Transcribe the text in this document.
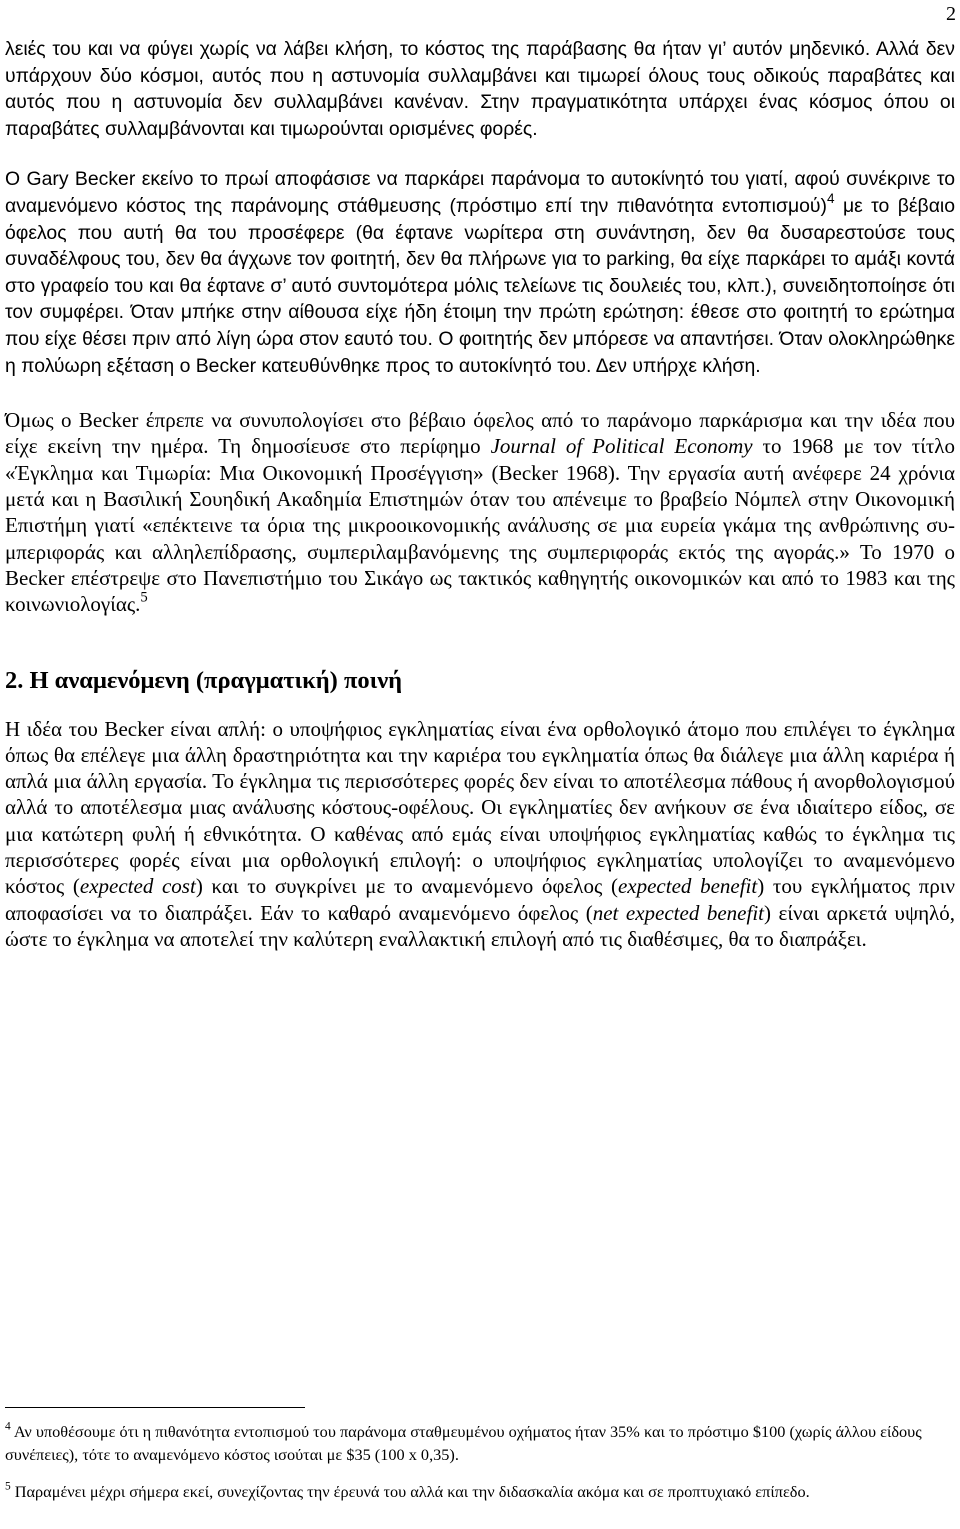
2

λειές του και να φύγει χωρίς να λάβει κλήση, το κόστος της παράβασης θα ήταν γι’ αυτόν μηδενικό. Αλλά δεν υπάρχουν δύο κόσμοι, αυτός που η αστυνομία συλλαμβάνει και τιμωρεί όλους τους οδικούς παραβάτες και αυτός που η αστυνομία δεν συλλαμβάνει κανέναν. Στην πραγματικότητα υπάρχει ένας κόσμος όπου οι παραβάτες συλλαμβάνονται και τιμωρούνται ορισμένες φορές.

Ο Gary Becker εκείνο το πρωί αποφάσισε να παρκάρει παράνομα το αυτοκίνητό του γιατί, αφού συνέκρινε το αναμενόμενο κόστος της παράνομης στάθμευσης (πρόστιμο επί την πιθανότητα εντοπισμού)$^4$ με το βέβαιο όφελος που αυτή θα του προσέφερε (θα έφτανε νωρίτερα στη συνάντηση, δεν θα δυσαρεστούσε τους συναδέλφους του, δεν θα άγχωνε τον φοιτητή, δεν θα πλήρωνε για το parking, θα είχε παρκάρει το αμάξι κοντά στο γραφείο του και θα έφτανε σ’ αυτό συντομότερα μόλις τελείωνε τις δουλειές του, κλπ.), συνειδητοποίησε ότι τον συμφέρει. Όταν μπήκε στην αίθουσα είχε ήδη έτοιμη την πρώτη ερώτηση: έθεσε στο φοιτητή το ερώτημα που είχε θέσει πριν από λίγη ώρα στον εαυτό του. Ο φοιτητής δεν μπόρεσε να απαντήσει. Όταν ολοκληρώθηκε η πολύωρη εξέταση ο Becker κατευθύνθηκε προς το αυτοκίνητό του. Δεν υπήρχε κλήση.

Όμως ο Becker έπρεπε να συνυπολογίσει στο βέβαιο όφελος από το παράνομο παρκάρισμα και την ιδέα που είχε εκείνη την ημέρα. Τη δημοσίευσε στο περίφημο Journal of Political Economy το 1968 με τον τίτλο «Έγκλημα και Τιμωρία: Μια Οικονομική Προσέγγιση» (Becker 1968). Την εργασία αυτή ανέφερε 24 χρόνια μετά και η Βασιλική Σουηδική Ακαδημία Επιστημών όταν του απένειμε το βραβείο Νόμπελ στην Οικονομική Επιστήμη γιατί «επέκτεινε τα όρια της μικροοικονομικής ανάλυσης σε μια ευρεία γκάμα της ανθρώπινης συμπεριφοράς και αλληλεπίδρασης, συμπεριλαμβανόμενης της συμπεριφοράς εκτός της αγοράς.» Το 1970 ο Becker επέστρεψε στο Πανεπιστήμιο του Σικάγο ως τακτικός καθηγητής οικονομικών και από το 1983 και της κοινωνιολογίας.$^5$

2. Η αναμενόμενη (πραγματική) ποινή

Η ιδέα του Becker είναι απλή: ο υποψήφιος εγκληματίας είναι ένα ορθολογικό άτομο που επιλέγει το έγκλημα όπως θα επέλεγε μια άλλη δραστηριότητα και την καριέρα του εγκληματία όπως θα διάλεγε μια άλλη καριέρα ή απλά μια άλλη εργασία. Το έγκλημα τις περισσότερες φορές δεν είναι το αποτέλεσμα πάθους ή ανορθολογισμού αλλά το αποτέλεσμα μιας ανάλυσης κόστους-οφέλους. Οι εγκληματίες δεν ανήκουν σε ένα ιδιαίτερο είδος, σε μια κατώτερη φυλή ή εθνικότητα. Ο καθένας από εμάς είναι υποψήφιος εγκληματίας καθώς το έγκλημα τις περισσότερες φορές είναι μια ορθολογική επιλογή: ο υποψήφιος εγκληματίας υπολογίζει το αναμενόμενο κόστος (expected cost) και το συγκρίνει με το αναμενόμενο όφελος (expected benefit) του εγκλήματος πριν αποφασίσει να το διαπράξει. Εάν το καθαρό αναμενόμενο όφελος (net expected benefit) είναι αρκετά υψηλό, ώστε το έγκλημα να αποτελεί την καλύτερη εναλλακτική επιλογή από τις διαθέσιμες, θα το διαπράξει.

$^4$ Αν υποθέσουμε ότι η πιθανότητα εντοπισμού του παράνομα σταθμευμένου οχήματος ήταν 35% και το πρόστιμο $100 (χωρίς άλλου είδους συνέπειες), τότε το αναμενόμενο κόστος ισούται με $35 (100 x 0,35).

$^5$ Παραμένει μέχρι σήμερα εκεί, συνεχίζοντας την έρευνά του αλλά και την διδασκαλία ακόμα και σε προπτυχιακό επίπεδο.
